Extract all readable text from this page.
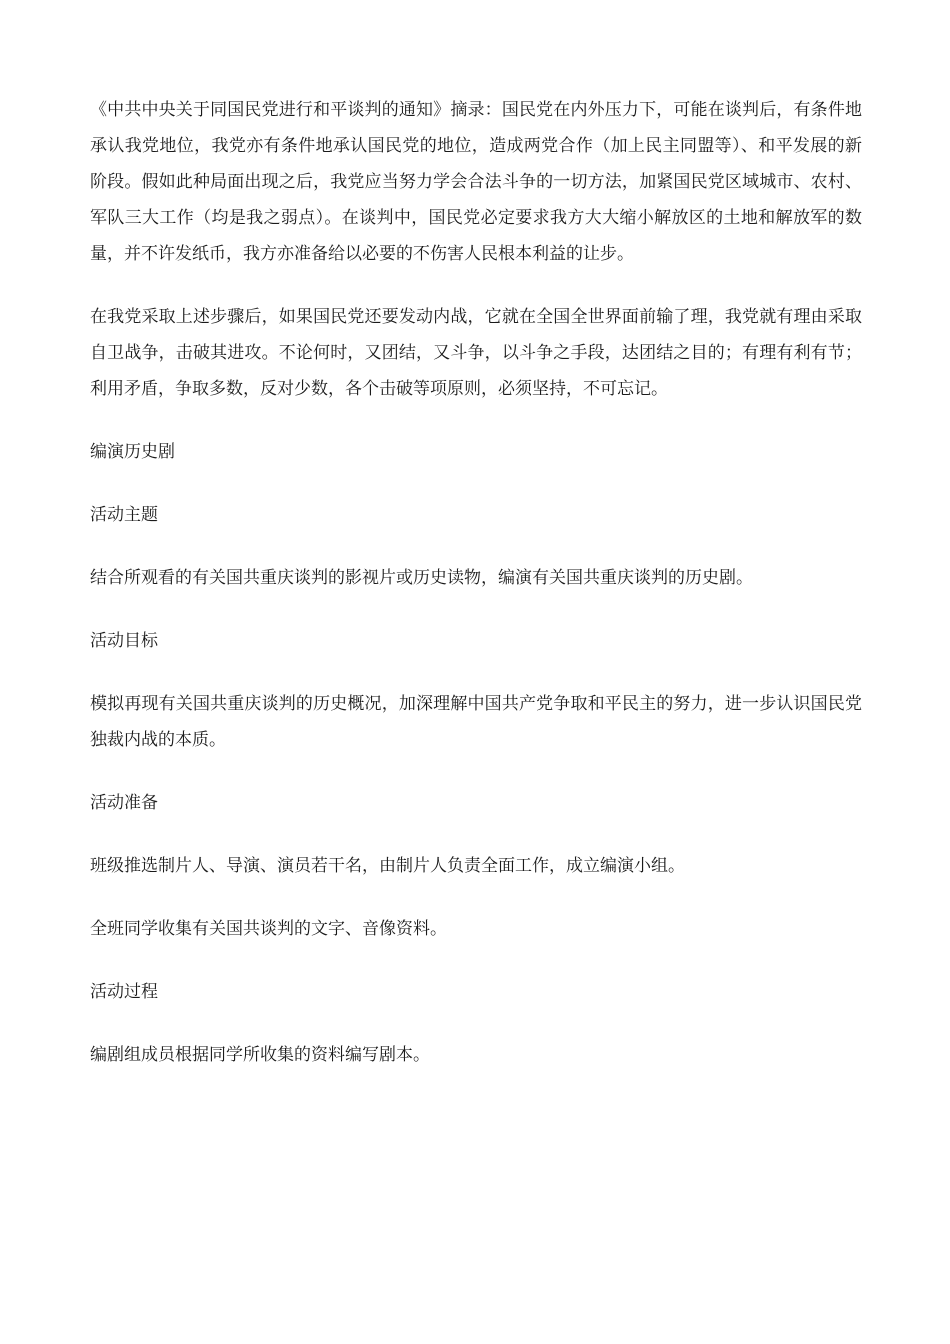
《中共中央关于同国民党进行和平谈判的通知》摘录：国民党在内外压力下，可能在谈判后，有条件地承认我党地位，我党亦有条件地承认国民党的地位，造成两党合作（加上民主同盟等）、和平发展的新阶段。假如此种局面出现之后，我党应当努力学会合法斗争的一切方法，加紧国民党区域城市、农村、军队三大工作（均是我之弱点）。在谈判中，国民党必定要求我方大大缩小解放区的土地和解放军的数量，并不许发纸币，我方亦准备给以必要的不伤害人民根本利益的让步。

在我党采取上述步骤后，如果国民党还要发动内战，它就在全国全世界面前输了理，我党就有理由采取自卫战争，击破其进攻。不论何时，又团结，又斗争，以斗争之手段，达团结之目的；有理有利有节；利用矛盾，争取多数，反对少数，各个击破等项原则，必须坚持，不可忘记。

编演历史剧

活动主题

结合所观看的有关国共重庆谈判的影视片或历史读物，编演有关国共重庆谈判的历史剧。

活动目标

模拟再现有关国共重庆谈判的历史概况，加深理解中国共产党争取和平民主的努力，进一步认识国民党独裁内战的本质。

活动准备

班级推选制片人、导演、演员若干名，由制片人负责全面工作，成立编演小组。

全班同学收集有关国共谈判的文字、音像资料。

活动过程

编剧组成员根据同学所收集的资料编写剧本。
